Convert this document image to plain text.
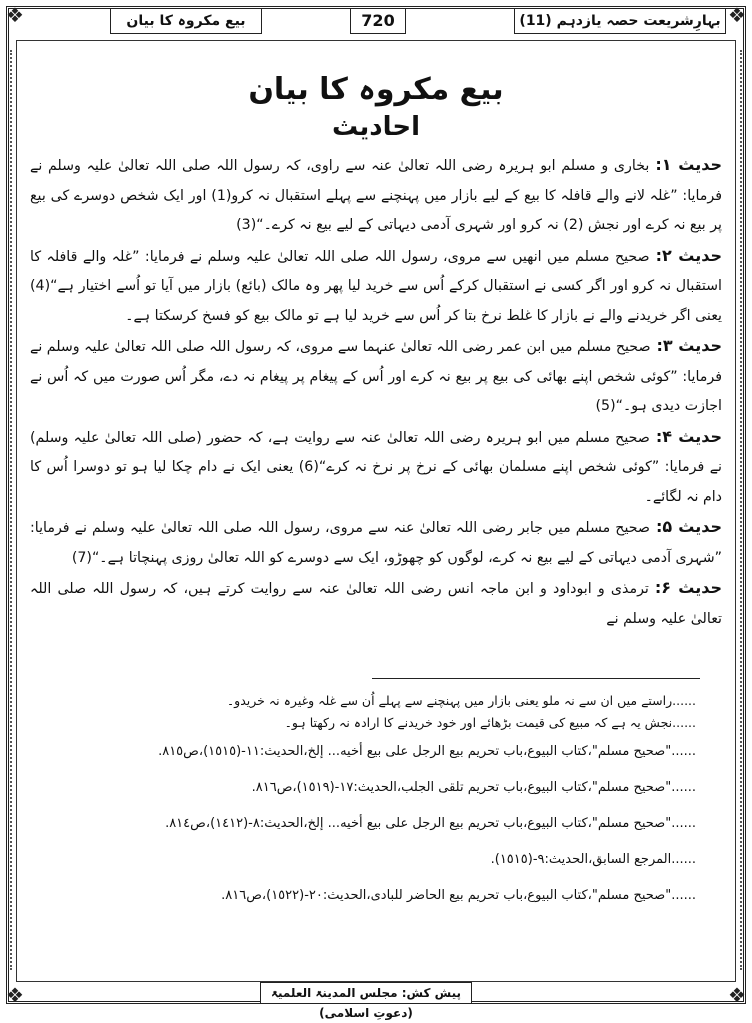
❖	❖
❖	❖
بہارِشریعت حصہ یازدہم (11)
720
بیع مکروہ کا بیان
بیع مکروہ کا بیان
احادیث

حدیث ۱:بخاری و مسلم ابو ہریرہ رضی اللہ تعالیٰ عنہ سے راوی، کہ رسول اللہ صلی اللہ تعالیٰ علیہ وسلم نے فرمایا: ”غلہ لانے والے قافلہ کا بیع کے لیے بازار میں پہنچنے سے پہلے استقبال نہ کرو(1) اور ایک شخص دوسرے کی بیع پر بیع نہ کرے اور نجش (2) نہ کرو اور شہری آدمی دیہاتی کے لیے بیع نہ کرے۔“(3)

حدیث ۲:صحیح مسلم میں انھیں سے مروی، رسول اللہ صلی اللہ تعالیٰ علیہ وسلم نے فرمایا: ”غلہ والے قافلہ کا استقبال نہ کرو اور اگر کسی نے استقبال کرکے اُس سے خرید لیا پھر وہ مالک (بائع) بازار میں آیا تو اُسے اختیار ہے“(4) یعنی اگر خریدنے والے نے بازار کا غلط نرخ بتا کر اُس سے خرید لیا ہے تو مالک بیع کو فسخ کرسکتا ہے۔

حدیث ۳:صحیح مسلم میں ابن عمر رضی اللہ تعالیٰ عنہما سے مروی، کہ رسول اللہ صلی اللہ تعالیٰ علیہ وسلم نے فرمایا: ”کوئی شخص اپنے بھائی کی بیع پر بیع نہ کرے اور اُس کے پیغام پر پیغام نہ دے، مگر اُس صورت میں کہ اُس نے اجازت دیدی ہو۔“(5)

حدیث ۴:صحیح مسلم میں ابو ہریرہ رضی اللہ تعالیٰ عنہ سے روایت ہے، کہ حضور (صلی اللہ تعالیٰ علیہ وسلم) نے فرمایا: ”کوئی شخص اپنے مسلمان بھائی کے نرخ پر نرخ نہ کرے“(6) یعنی ایک نے دام چکا لیا ہو تو دوسرا اُس کا دام نہ لگائے۔

حدیث ۵:صحیح مسلم میں جابر رضی اللہ تعالیٰ عنہ سے مروی، رسول اللہ صلی اللہ تعالیٰ علیہ وسلم نے فرمایا: ”شہری آدمی دیہاتی کے لیے بیع نہ کرے، لوگوں کو چھوڑو، ایک سے دوسرے کو اللہ تعالیٰ روزی پہنچاتا ہے۔“(7)

حدیث ۶:ترمذی و ابوداود و ابن ماجہ انس رضی اللہ تعالیٰ عنہ سے روایت کرتے ہیں، کہ رسول اللہ صلی اللہ تعالیٰ علیہ وسلم نے

......راستے میں ان سے نہ ملو یعنی بازار میں پہنچنے سے پہلے اُن سے غلہ وغیرہ نہ خریدو۔
......نجش یہ ہے کہ مبیع کی قیمت بڑھائے اور خود خریدنے کا ارادہ نہ رکھتا ہو۔
......"صحیح مسلم"،کتاب البیوع،باب تحریم بیع الرجل علی بیع أخیه... إلخ،الحدیث:١١-(١٥١٥)،ص٨١٥.
......"صحیح مسلم"،کتاب البیوع،باب تحریم تلقی الجلب،الحدیث:١٧-(١٥١٩)،ص٨١٦.
......"صحیح مسلم"،کتاب البیوع،باب تحریم بیع الرجل علی بیع أخیه... إلخ،الحدیث:٨-(١٤١٢)،ص٨١٤.
......المرجع السابق،الحدیث:٩-(١٥١٥).
......"صحیح مسلم"،کتاب البیوع،باب تحریم بیع الحاضر للبادی،الحدیث:٢٠-(١٥٢٢)،ص٨١٦.
پیش کش: مجلس المدینۃ العلمیۃ (دعوتِ اسلامی)
